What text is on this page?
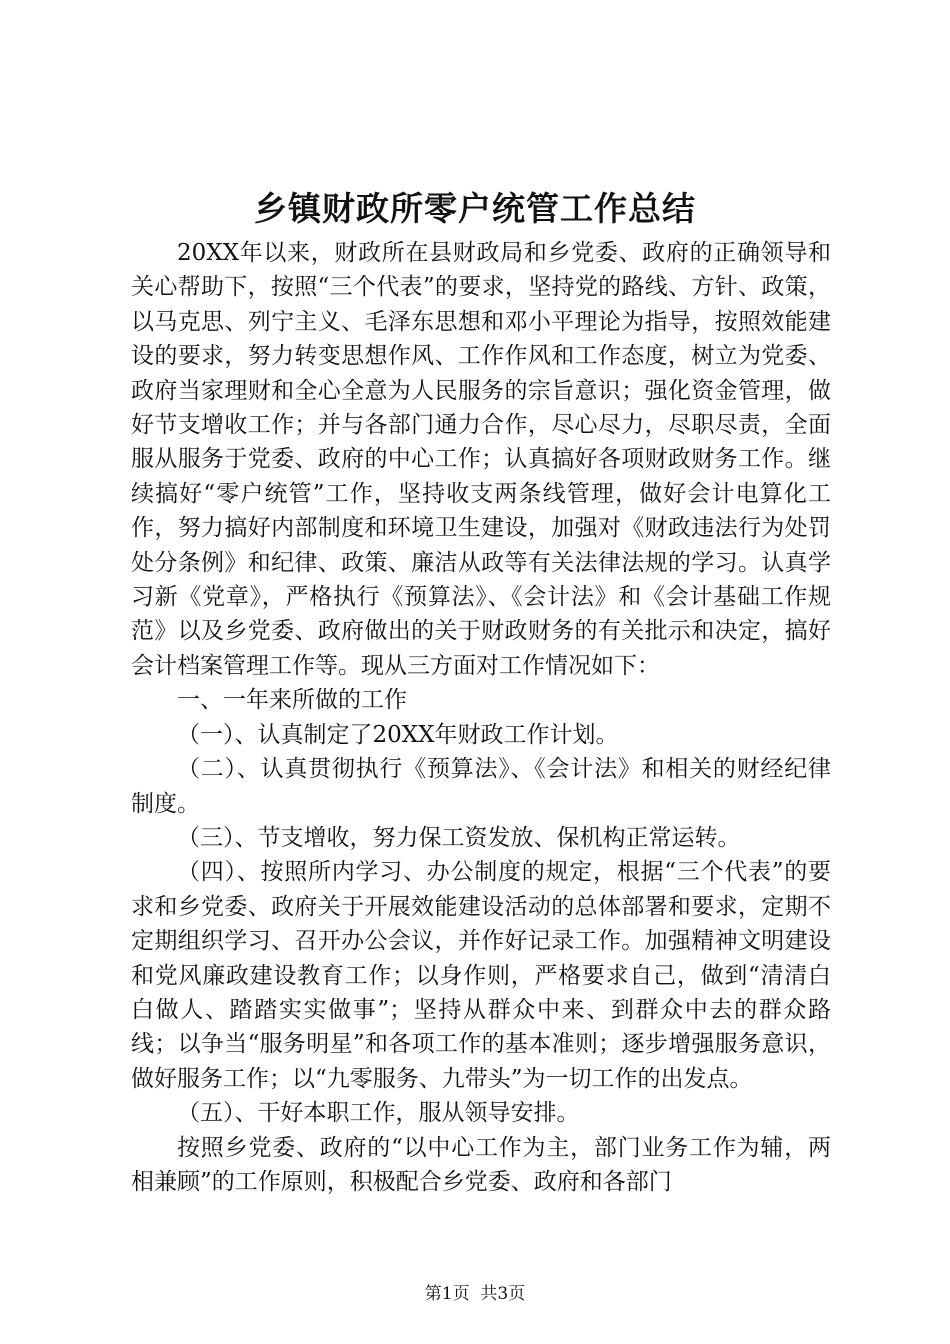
乡镇财政所零户统管工作总结

20XX年以来，财政所在县财政局和乡党委、政府的正确领导和关心帮助下，按照“三个代表”的要求，坚持党的路线、方针、政策，以马克思、列宁主义、毛泽东思想和邓小平理论为指导，按照效能建设的要求，努力转变思想作风、工作作风和工作态度，树立为党委、政府当家理财和全心全意为人民服务的宗旨意识；强化资金管理，做好节支增收工作；并与各部门通力合作，尽心尽力，尽职尽责，全面服从服务于党委、政府的中心工作；认真搞好各项财政财务工作。继续搞好“零户统管”工作，坚持收支两条线管理，做好会计电算化工作，努力搞好内部制度和环境卫生建设，加强对《财政违法行为处罚处分条例》和纪律、政策、廉洁从政等有关法律法规的学习。认真学习新《党章》，严格执行《预算法》、《会计法》和《会计基础工作规范》以及乡党委、政府做出的关于财政财务的有关批示和决定，搞好会计档案管理工作等。现从三方面对工作情况如下：

一、一年来所做的工作

（一）、认真制定了20XX年财政工作计划。

（二）、认真贯彻执行《预算法》、《会计法》和相关的财经纪律制度。

（三）、节支增收，努力保工资发放、保机构正常运转。

（四）、按照所内学习、办公制度的规定，根据“三个代表”的要求和乡党委、政府关于开展效能建设活动的总体部署和要求，定期不定期组织学习、召开办公会议，并作好记录工作。加强精神文明建设和党风廉政建设教育工作；以身作则，严格要求自己，做到“清清白白做人、踏踏实实做事”；坚持从群众中来、到群众中去的群众路线；以争当“服务明星”和各项工作的基本准则；逐步增强服务意识，做好服务工作；以“九零服务、九带头”为一切工作的出发点。

（五）、干好本职工作，服从领导安排。

按照乡党委、政府的“以中心工作为主，部门业务工作为辅，两相兼顾”的工作原则，积极配合乡党委、政府和各部门

第1页  共3页
